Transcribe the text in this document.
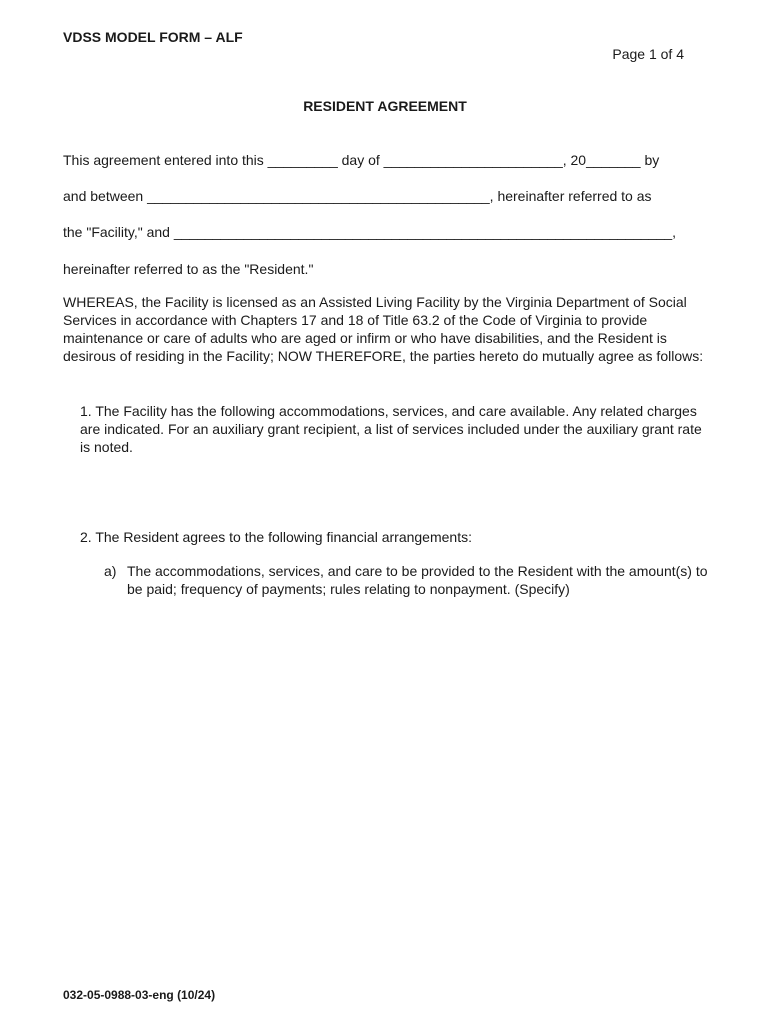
VDSS MODEL FORM – ALF
Page 1 of 4
RESIDENT AGREEMENT
This agreement entered into this _________ day of _______________________, 20_______ by
and between ____________________________________________, hereinafter referred to as
the "Facility," and ________________________________________________________________,
hereinafter referred to as the "Resident."
WHEREAS, the Facility is licensed as an Assisted Living Facility by the Virginia Department of Social Services in accordance with Chapters 17 and 18 of Title 63.2 of the Code of Virginia to provide maintenance or care of adults who are aged or infirm or who have disabilities, and the Resident is desirous of residing in the Facility; NOW THEREFORE, the parties hereto do mutually agree as follows:
1. The Facility has the following accommodations, services, and care available. Any related charges are indicated. For an auxiliary grant recipient, a list of services included under the auxiliary grant rate is noted.
2. The Resident agrees to the following financial arrangements:
a) The accommodations, services, and care to be provided to the Resident with the amount(s) to be paid; frequency of payments; rules relating to nonpayment. (Specify)
032-05-0988-03-eng (10/24)
